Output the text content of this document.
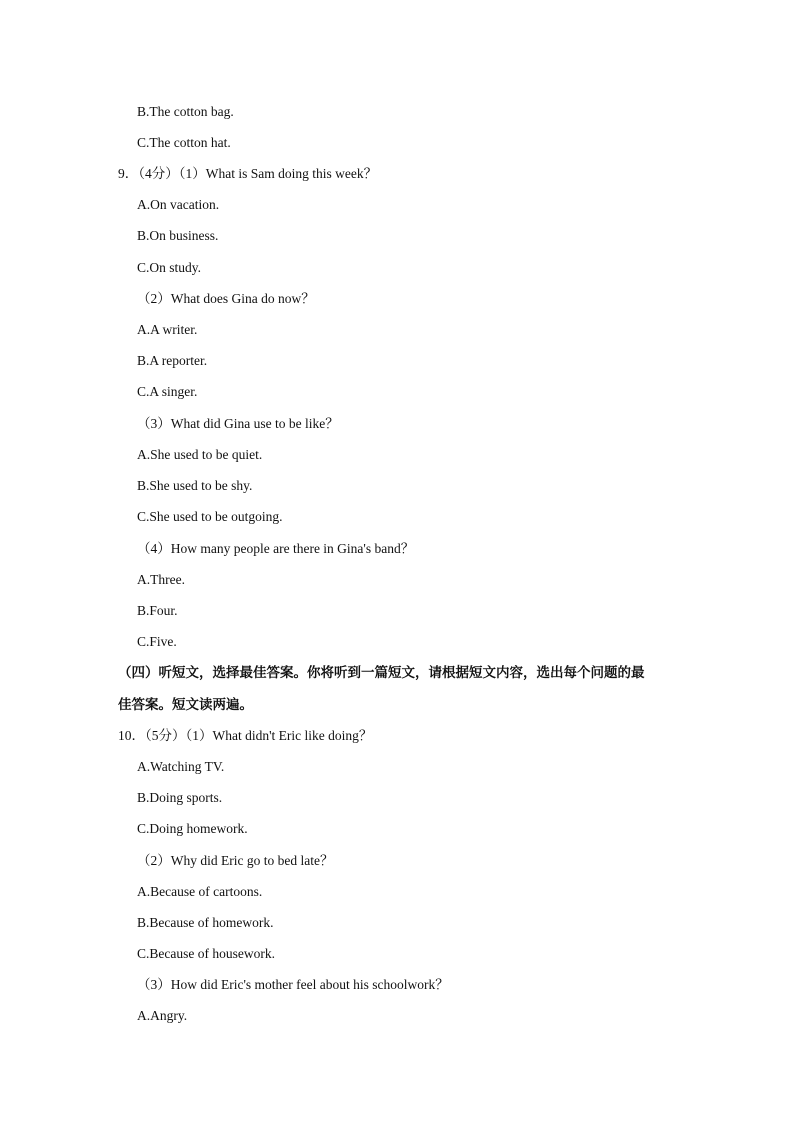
B.The cotton bag.
C.The cotton hat.
9．（4分）（1）What is Sam doing this week？
A.On vacation.
B.On business.
C.On study.
（2）What does Gina do now？
A.A writer.
B.A reporter.
C.A singer.
（3）What did Gina use to be like？
A.She used to be quiet.
B.She used to be shy.
C.She used to be outgoing.
（4）How many people are there in Gina's band？
A.Three.
B.Four.
C.Five.
（四）听短文，选择最佳答案。你将听到一篇短文，请根据短文内容，选出每个问题的最
佳答案。短文读两遍。
10．（5分）（1）What didn't Eric like doing？
A.Watching TV.
B.Doing sports.
C.Doing homework.
（2）Why did Eric go to bed late？
A.Because of cartoons.
B.Because of homework.
C.Because of housework.
（3）How did Eric's mother feel about his schoolwork？
A.Angry.
